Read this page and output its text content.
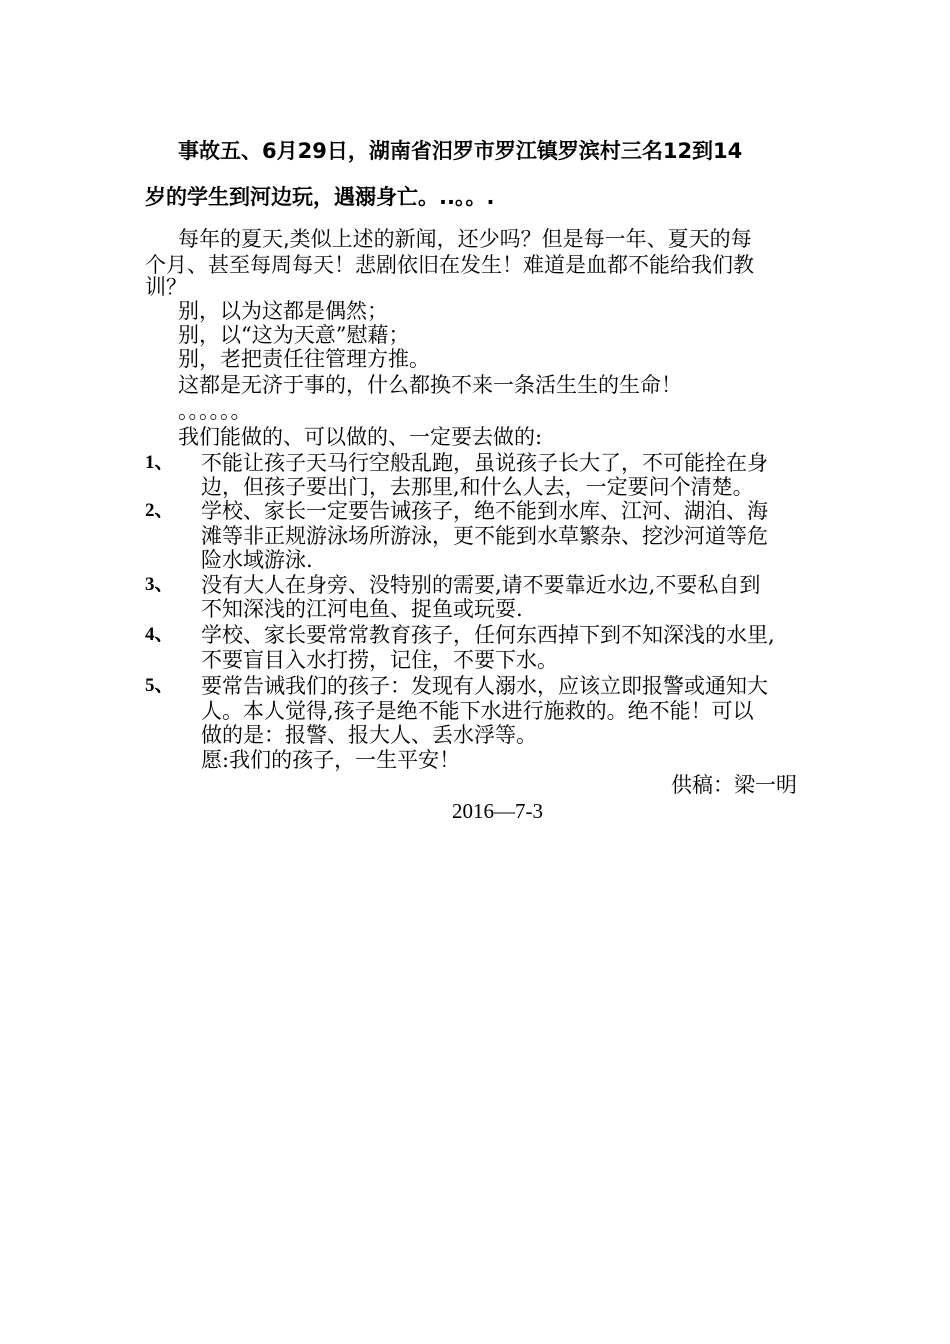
事故五、6月29日，湖南省汨罗市罗江镇罗滨村三名12到14
岁的学生到河边玩，遇溺身亡。..。。.
每年的夏天,类似上述的新闻，还少吗？但是每一年、夏天的每
个月、甚至每周每天！悲剧依旧在发生！难道是血都不能给我们教
训？
别，以为这都是偶然；
别，以“这为天意”慰藉；
别，老把责任往管理方推。
这都是无济于事的，什么都换不来一条活生生的生命！
。。。。。。
我们能做的、可以做的、一定要去做的:
1、 不能让孩子天马行空般乱跑，虽说孩子长大了，不可能拴在身
边，但孩子要出门，去那里,和什么人去，一定要问个清楚。
2、 学校、家长一定要告诫孩子，绝不能到水库、江河、湖泊、海
滩等非正规游泳场所游泳，更不能到水草繁杂、挖沙河道等危
险水域游泳.
3、 没有大人在身旁、没特别的需要,请不要靠近水边,不要私自到
不知深浅的江河电鱼、捉鱼或玩耍.
4、 学校、家长要常常教育孩子，任何东西掉下到不知深浅的水里,
不要盲目入水打捞，记住，不要下水。
5、 要常告诫我们的孩子：发现有人溺水，应该立即报警或通知大
人。本人觉得,孩子是绝不能下水进行施救的。绝不能！可以
做的是：报警、报大人、丢水浮等。
愿:我们的孩子，一生平安！
供稿：梁一明
2016—7-3
